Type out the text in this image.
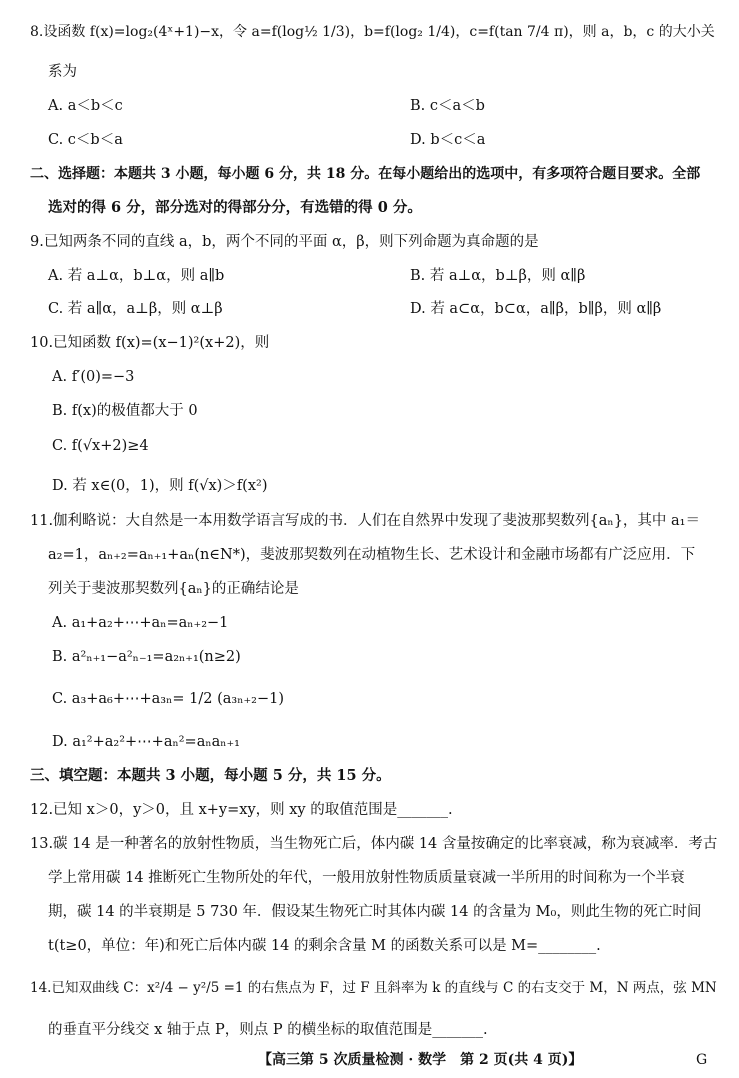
8.设函数 f(x)=log₂(4ˣ+1)−x，令 a=f(log½ 1/3)，b=f(log₂ 1/4)，c=f(tan 7/4 π)，则 a，b，c 的大小关
系为
A. a＜b＜c	B. c＜a＜b
C. c＜b＜a	D. b＜c＜a
二、选择题：本题共 3 小题，每小题 6 分，共 18 分。在每小题给出的选项中，有多项符合题目要求。全部
选对的得 6 分，部分选对的得部分分，有选错的得 0 分。
9.已知两条不同的直线 a，b，两个不同的平面 α，β，则下列命题为真命题的是
A. 若 a⊥α，b⊥α，则 a∥b	B. 若 a⊥α，b⊥β，则 α∥β
C. 若 a∥α，a⊥β，则 α⊥β	D. 若 a⊂α，b⊂α，a∥β，b∥β，则 α∥β
10.已知函数 f(x)=(x−1)²(x+2)，则
A. f′(0)=−3
B. f(x)的极值都大于 0
C. f(√x+2)≥4
D. 若 x∈(0，1)，则 f(√x)＞f(x²)
11.伽利略说：大自然是一本用数学语言写成的书．人们在自然界中发现了斐波那契数列{aₙ}，其中 a₁＝
a₂=1，aₙ₊₂=aₙ₊₁+aₙ(n∈N*)，斐波那契数列在动植物生长、艺术设计和金融市场都有广泛应用．下
列关于斐波那契数列{aₙ}的正确结论是
A. a₁+a₂+⋯+aₙ=aₙ₊₂−1
B. a²ₙ₊₁−a²ₙ₋₁=a₂ₙ₊₁(n≥2)
C. a₃+a₆+⋯+a₃ₙ= 1/2 (a₃ₙ₊₂−1)
D. a₁²+a₂²+⋯+aₙ²=aₙaₙ₊₁
三、填空题：本题共 3 小题，每小题 5 分，共 15 分。
12.已知 x＞0，y＞0，且 x+y=xy，则 xy 的取值范围是_______.
13.碳 14 是一种著名的放射性物质，当生物死亡后，体内碳 14 含量按确定的比率衰减，称为衰减率．考古
学上常用碳 14 推断死亡生物所处的年代，一般用放射性物质质量衰减一半所用的时间称为一个半衰
期，碳 14 的半衰期是 5 730 年．假设某生物死亡时其体内碳 14 的含量为 M₀，则此生物的死亡时间
t(t≥0，单位：年)和死亡后体内碳 14 的剩余含量 M 的函数关系可以是 M=________.
14.已知双曲线 C：x²/4 − y²/5 =1 的右焦点为 F，过 F 且斜率为 k 的直线与 C 的右支交于 M，N 两点，弦 MN
的垂直平分线交 x 轴于点 P，则点 P 的横坐标的取值范围是_______.
【高三第 5 次质量检测 · 数学　第 2 页(共 4 页)】	G
